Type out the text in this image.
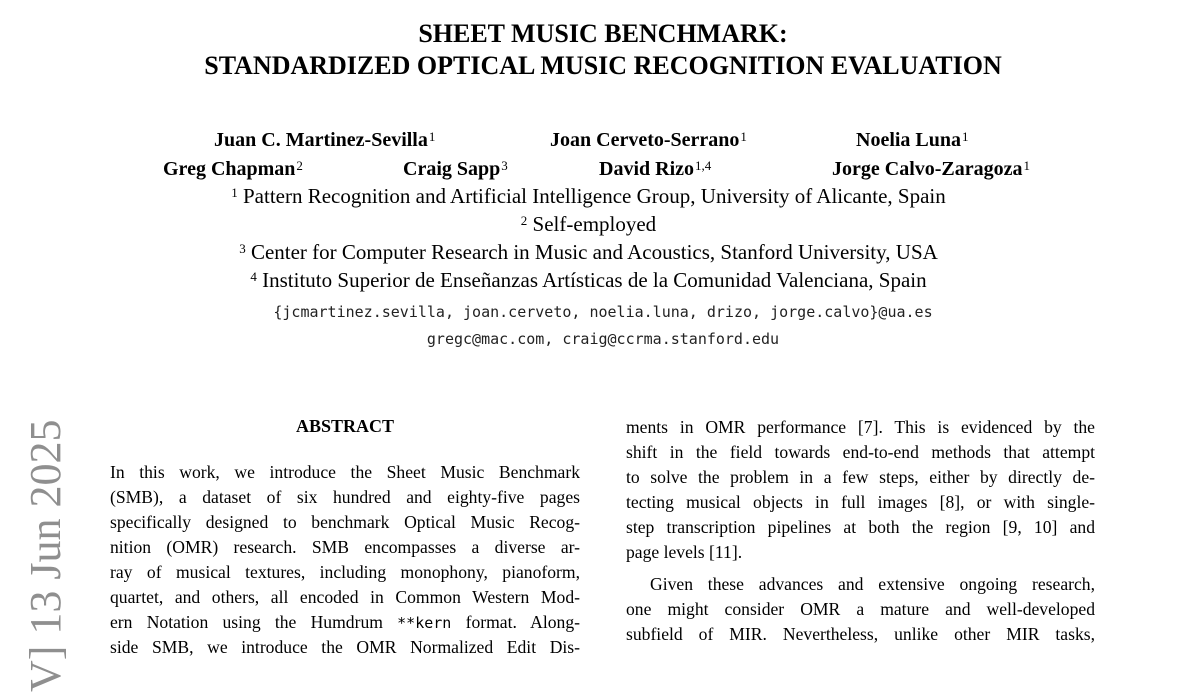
SHEET MUSIC BENCHMARK:
STANDARDIZED OPTICAL MUSIC RECOGNITION EVALUATION
Juan C. Martinez-Sevilla$^1$	Joan Cerveto-Serrano$^1$	Noelia Luna$^1$
Greg Chapman$^2$	Craig Sapp$^3$	David Rizo$^{1,4}$	Jorge Calvo-Zaragoza$^1$
$^1$ Pattern Recognition and Artificial Intelligence Group, University of Alicante, Spain
$^2$ Self-employed
$^3$ Center for Computer Research in Music and Acoustics, Stanford University, USA
$^4$ Instituto Superior de Enseñanzas Artísticas de la Comunidad Valenciana, Spain
{jcmartinez.sevilla, joan.cerveto, noelia.luna, drizo, jorge.calvo}@ua.es
gregc@mac.com, craig@ccrma.stanford.edu
V] 13 Jun 2025	ABSTRACT
In this work, we introduce the Sheet Music Benchmark
(SMB), a dataset of six hundred and eighty-five pages
specifically designed to benchmark Optical Music Recog-
nition (OMR) research. SMB encompasses a diverse ar-
ray of musical textures, including monophony, pianoform,
quartet, and others, all encoded in Common Western Mod-
ern Notation using the Humdrum **kern format. Along-
side SMB, we introduce the OMR Normalized Edit Dis-
ments in OMR performance [7]. This is evidenced by the
shift in the field towards end-to-end methods that attempt
to solve the problem in a few steps, either by directly de-
tecting musical objects in full images [8], or with single-
step transcription pipelines at both the region [9, 10] and
page levels [11].
Given these advances and extensive ongoing research,
one might consider OMR a mature and well-developed
subfield of MIR. Nevertheless, unlike other MIR tasks,
